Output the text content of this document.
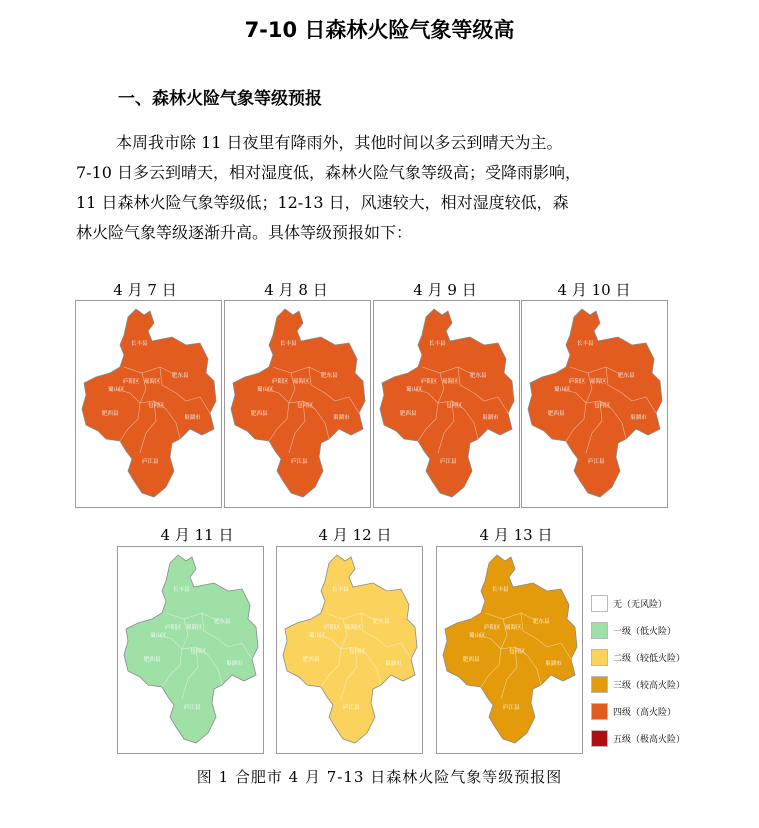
7-10 日森林火险气象等级高
一、森林火险气象等级预报

本周我市除 11 日夜里有降雨外，其他时间以多云到晴天为主。

7-10 日多云到晴天，相对湿度低，森林火险气象等级高；受降雨影响，

11 日森林火险气象等级低；12-13 日，风速较大，相对湿度较低，森

林火险气象等级逐渐升高。具体等级预报如下：

4 月 7 日	4 月 8 日	4 月 9 日	4 月 10 日
4 月 11 日	4 月 12 日	4 月 13 日
长丰县
庐阳区 瑶海区
肥东县
蜀山区
包河区
肥西县
巢湖市
庐江县
长丰县
庐阳区 瑶海区
肥东县
蜀山区
包河区
肥西县
巢湖市
庐江县
长丰县
庐阳区 瑶海区
肥东县
蜀山区
包河区
肥西县
巢湖市
庐江县
长丰县
庐阳区 瑶海区
肥东县
蜀山区
包河区
肥西县
巢湖市
庐江县
长丰县
庐阳区 瑶海区
肥东县
蜀山区
包河区
肥西县
巢湖市
庐江县
长丰县
庐阳区 瑶海区
肥东县
蜀山区
包河区
肥西县
巢湖市
庐江县
长丰县
庐阳区 瑶海区
肥东县
蜀山区
包河区
肥西县
巢湖市
庐江县
无（无风险）
一级（低火险）
二级（较低火险）
三级（较高火险）
四级（高火险）
五级（极高火险）
图 1 合肥市 4 月 7-13 日森林火险气象等级预报图
